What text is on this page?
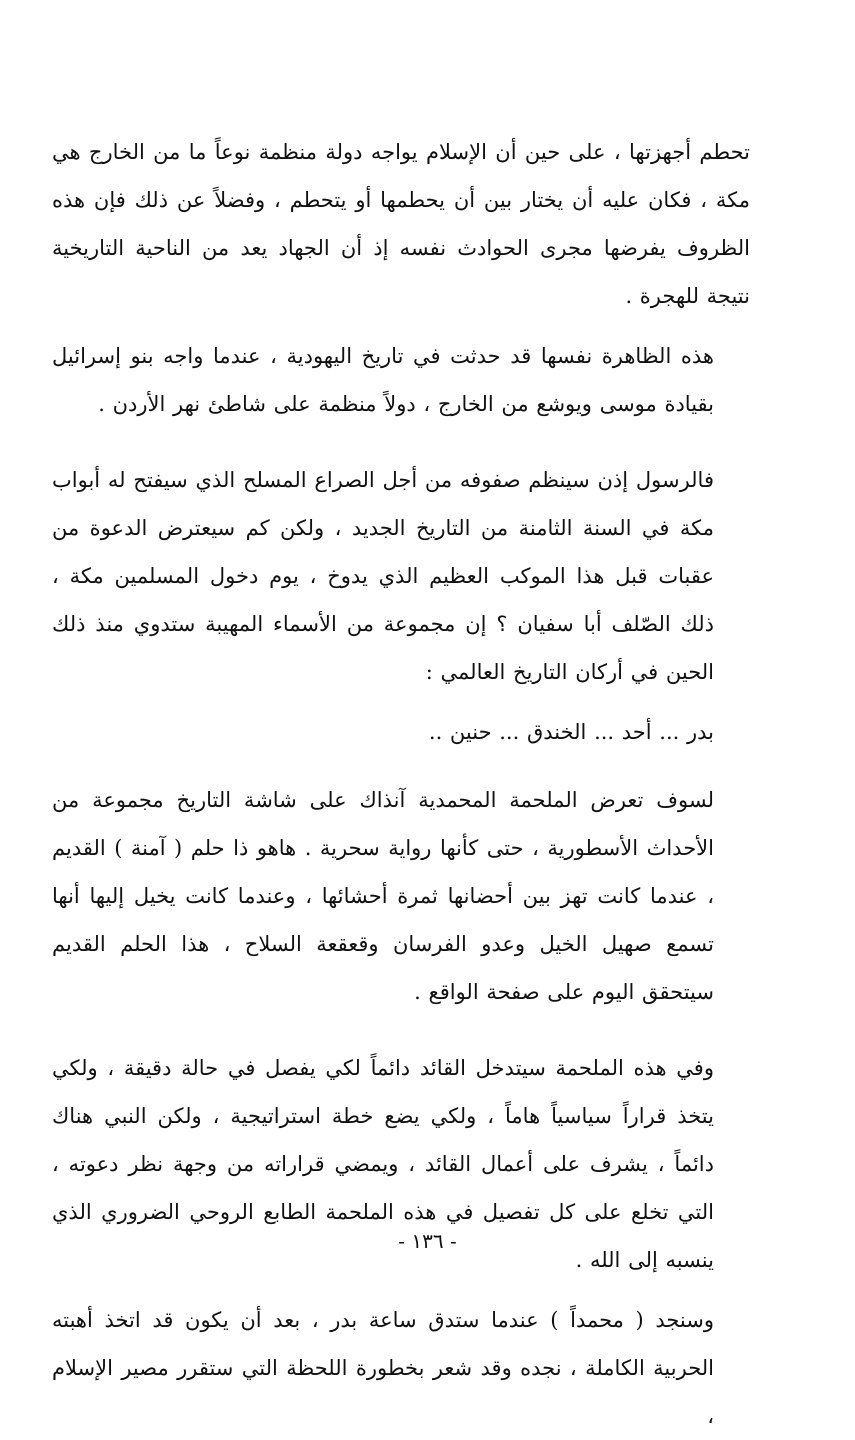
تحطم أجهزتها ، على حين أن الإسلام يواجه دولة منظمة نوعاً ما من الخارج هي مكة ، فكان عليه أن يختار بين أن يحطمها أو يتحطم ، وفضلاً عن ذلك فإن هذه الظروف يفرضها مجرى الحوادث نفسه إذ أن الجهاد يعد من الناحية التاريخية نتيجة للهجرة .

هذه الظاهرة نفسها قد حدثت في تاريخ اليهودية ، عندما واجه بنو إسرائيل بقيادة موسى ويوشع من الخارج ، دولاً منظمة على شاطئ نهر الأردن .

فالرسول إذن سينظم صفوفه من أجل الصراع المسلح الذي سيفتح له أبواب مكة في السنة الثامنة من التاريخ الجديد ، ولكن كم سيعترض الدعوة من عقبات قبل هذا الموكب العظيم الذي يدوخ ، يوم دخول المسلمين مكة ، ذلك الصّلف أبا سفيان ؟ إن مجموعة من الأسماء المهيبة ستدوي منذ ذلك الحين في أركان التاريخ العالمي :

بدر ... أحد ... الخندق ... حنين ..

لسوف تعرض الملحمة المحمدية آنذاك على شاشة التاريخ مجموعة من الأحداث الأسطورية ، حتى كأنها رواية سحرية . هاهو ذا حلم ( آمنة ) القديم ، عندما كانت تهز بين أحضانها ثمرة أحشائها ، وعندما كانت يخيل إليها أنها تسمع صهيل الخيل وعدو الفرسان وقعقعة السلاح ، هذا الحلم القديم سيتحقق اليوم على صفحة الواقع .

وفي هذه الملحمة سيتدخل القائد دائماً لكي يفصل في حالة دقيقة ، ولكي يتخذ قراراً سياسياً هاماً ، ولكي يضع خطة استراتيجية ، ولكن النبي هناك دائماً ، يشرف على أعمال القائد ، ويمضي قراراته من وجهة نظر دعوته ، التي تخلع على كل تفصيل في هذه الملحمة الطابع الروحي الضروري الذي ينسبه إلى الله .

وسنجد ( محمداً ) عندما ستدق ساعة بدر ، بعد أن يكون قد اتخذ أهبته الحربية الكاملة ، نجده وقد شعر بخطورة اللحظة التي ستقرر مصير الإسلام ،

- ١٣٦ -
